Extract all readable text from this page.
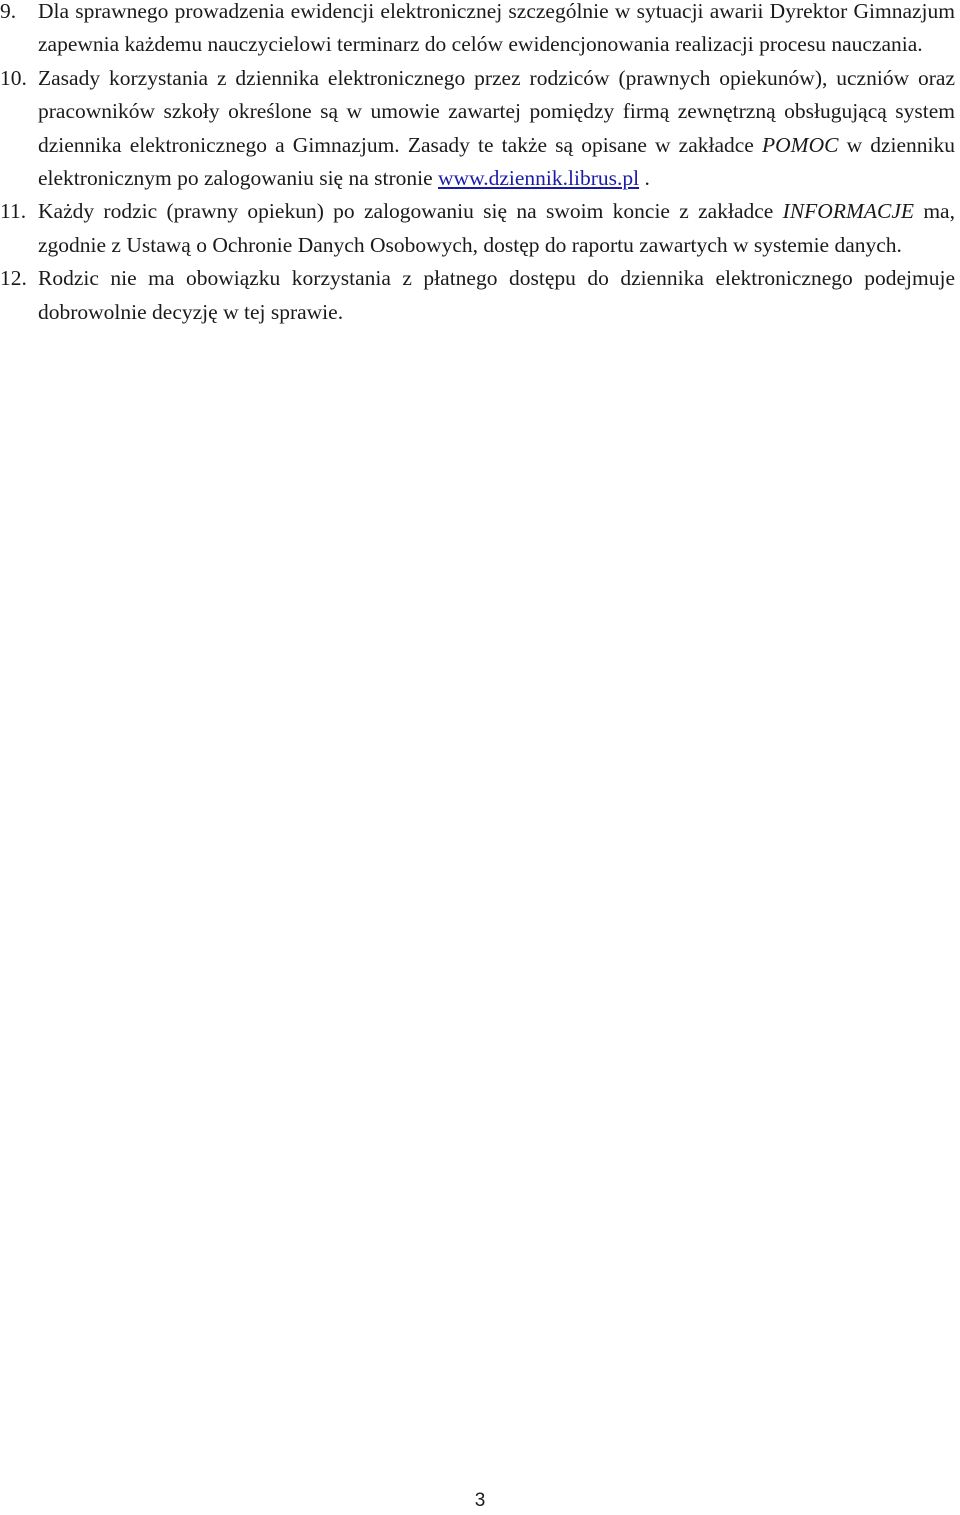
9.	Dla sprawnego prowadzenia ewidencji elektronicznej szczególnie w sytuacji awarii Dyrektor Gimnazjum zapewnia każdemu nauczycielowi terminarz do celów ewidencjonowania realizacji procesu nauczania.

10. Zasady korzystania z dziennika elektronicznego przez rodziców (prawnych opiekunów), uczniów oraz pracowników szkoły określone są w umowie zawartej pomiędzy firmą zewnętrzną obsługującą system dziennika elektronicznego a Gimnazjum. Zasady te także są opisane w zakładce POMOC w dzienniku elektronicznym po zalogowaniu się na stronie www.dziennik.librus.pl .

11. Każdy rodzic (prawny opiekun) po zalogowaniu się na swoim koncie z zakładce INFORMACJE ma, zgodnie z Ustawą o Ochronie Danych Osobowych, dostęp do raportu zawartych w systemie danych.

12. Rodzic nie ma obowiązku korzystania z płatnego dostępu do dziennika elektronicznego podejmuje dobrowolnie decyzję w tej sprawie.

3
